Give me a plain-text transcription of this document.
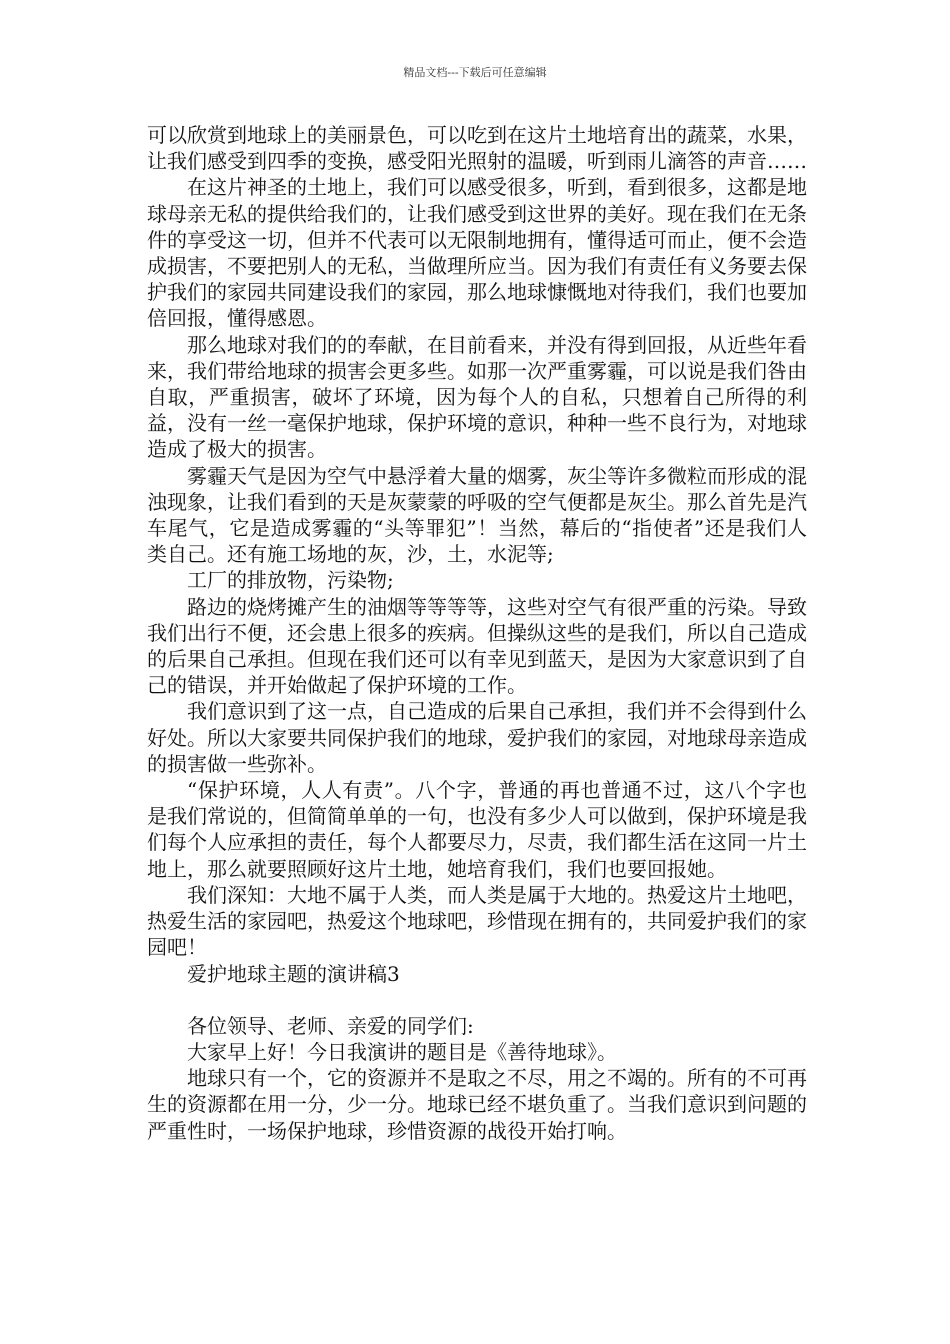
精品文档---下载后可任意编辑

可以欣赏到地球上的美丽景色，可以吃到在这片土地培育出的蔬菜，水果，让我们感受到四季的变换，感受阳光照射的温暖，听到雨儿滴答的声音……

在这片神圣的土地上，我们可以感受很多，听到，看到很多，这都是地球母亲无私的提供给我们的，让我们感受到这世界的美好。现在我们在无条件的享受这一切，但并不代表可以无限制地拥有，懂得适可而止，便不会造成损害，不要把别人的无私，当做理所应当。因为我们有责任有义务要去保护我们的家园共同建设我们的家园，那么地球慷慨地对待我们，我们也要加倍回报，懂得感恩。

那么地球对我们的的奉献，在目前看来，并没有得到回报，从近些年看来，我们带给地球的损害会更多些。如那一次严重雾霾，可以说是我们咎由自取，严重损害，破坏了环境，因为每个人的自私，只想着自己所得的利益，没有一丝一毫保护地球，保护环境的意识，种种一些不良行为，对地球造成了极大的损害。

雾霾天气是因为空气中悬浮着大量的烟雾，灰尘等许多微粒而形成的混浊现象，让我们看到的天是灰蒙蒙的呼吸的空气便都是灰尘。那么首先是汽车尾气，它是造成雾霾的“头等罪犯”！当然，幕后的“指使者”还是我们人类自己。还有施工场地的灰，沙，土，水泥等;

工厂的排放物，污染物;

路边的烧烤摊产生的油烟等等等等，这些对空气有很严重的污染。导致我们出行不便，还会患上很多的疾病。但操纵这些的是我们，所以自己造成的后果自己承担。但现在我们还可以有幸见到蓝天，是因为大家意识到了自己的错误，并开始做起了保护环境的工作。

我们意识到了这一点，自己造成的后果自己承担，我们并不会得到什么好处。所以大家要共同保护我们的地球，爱护我们的家园，对地球母亲造成的损害做一些弥补。

“保护环境，人人有责”。八个字，普通的再也普通不过，这八个字也是我们常说的，但简简单单的一句，也没有多少人可以做到，保护环境是我们每个人应承担的责任，每个人都要尽力，尽责，我们都生活在这同一片土地上，那么就要照顾好这片土地，她培育我们，我们也要回报她。

我们深知：大地不属于人类，而人类是属于大地的。热爱这片土地吧，热爱生活的家园吧，热爱这个地球吧，珍惜现在拥有的，共同爱护我们的家园吧！

爱护地球主题的演讲稿3

各位领导、老师、亲爱的同学们:

大家早上好！今日我演讲的题目是《善待地球》。

地球只有一个，它的资源并不是取之不尽，用之不竭的。所有的不可再生的资源都在用一分，少一分。地球已经不堪负重了。当我们意识到问题的严重性时，一场保护地球，珍惜资源的战役开始打响。
